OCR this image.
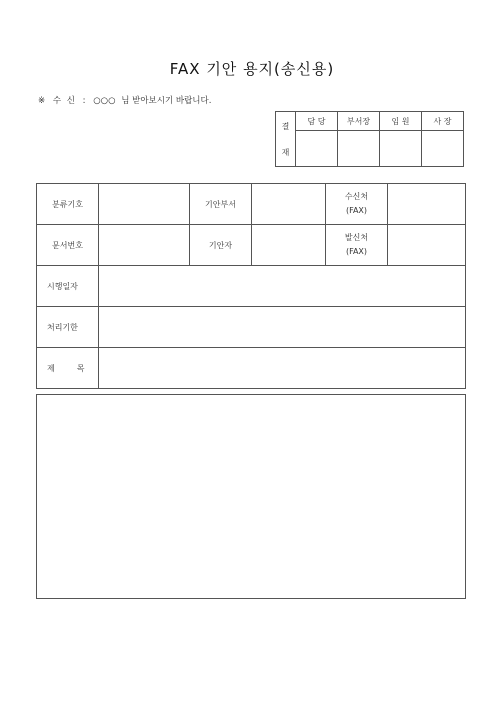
FAX 기안 용지(송신용)
※ 수 신 : ○○○ 님 받아보시기 바랍니다.
결
재	담 당	부서장	임 원	사 장

분류기호		기안부서		수신처
(FAX)	

문서번호		기안자		발신처
(FAX)	

시행일자					
처리기한					
제 목					
